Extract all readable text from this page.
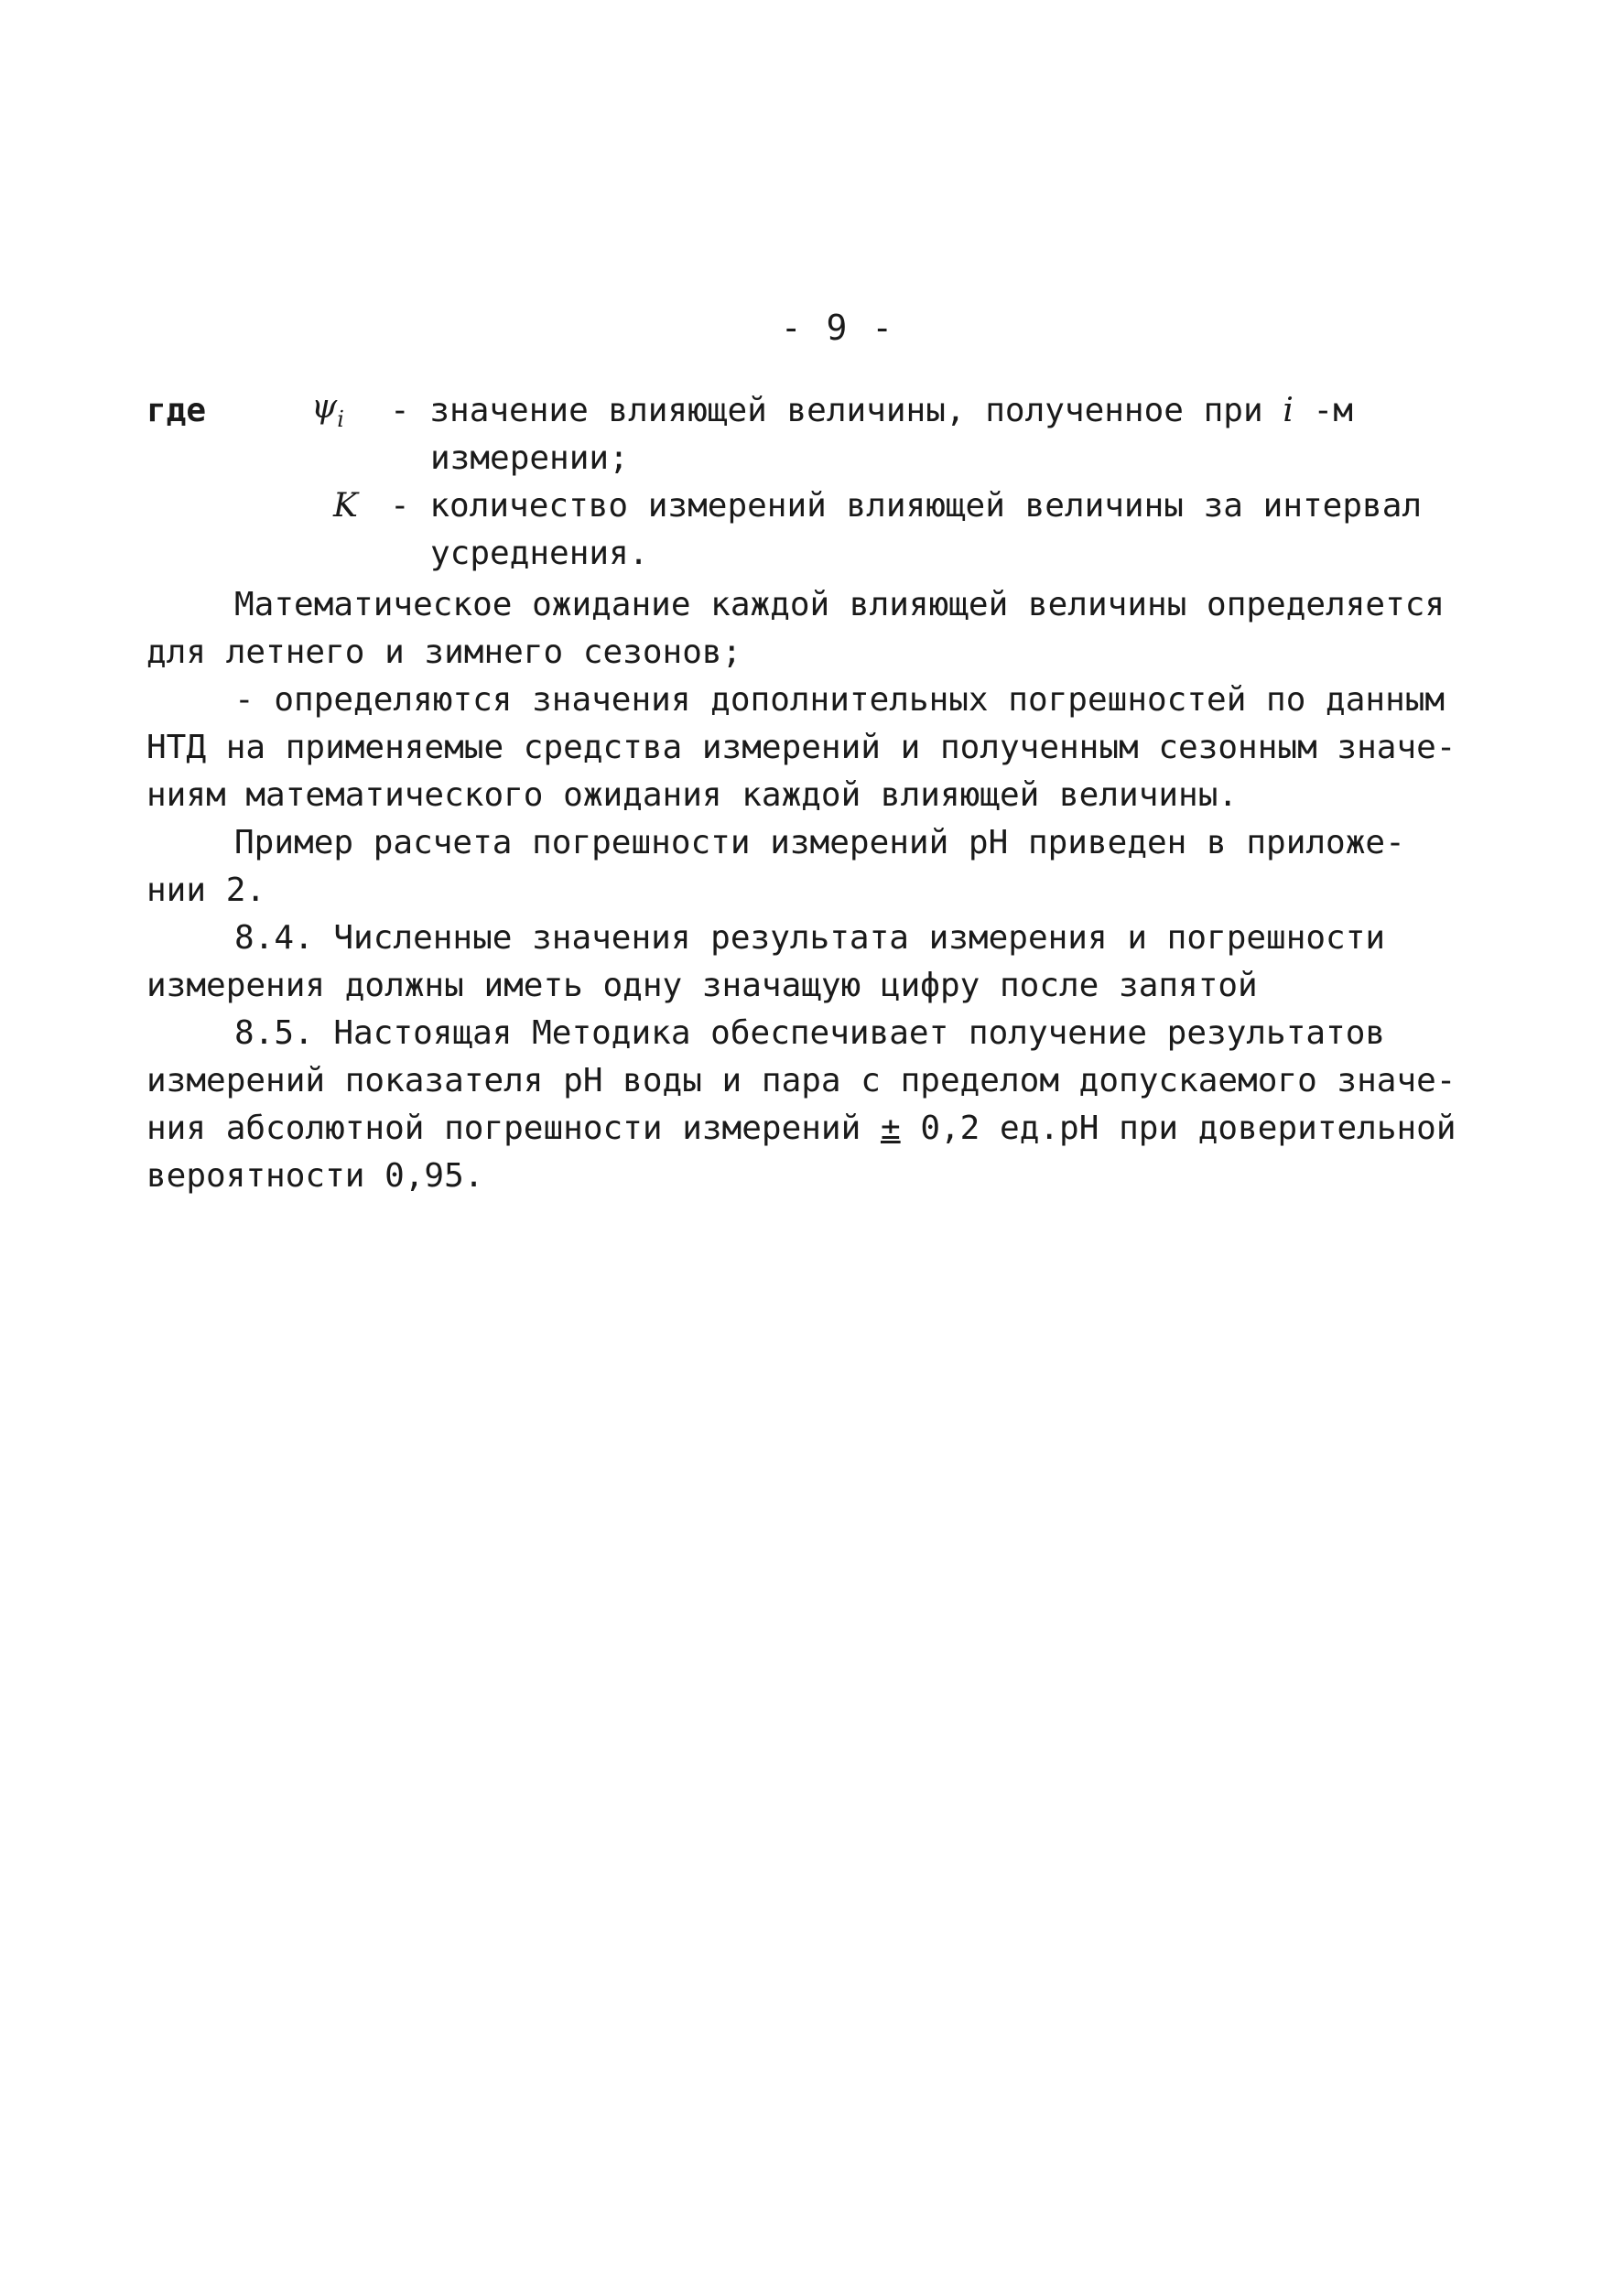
- 9 -
где	$\psi_i$ - значение влияющей величины, полученное при i -м
измерении;
K - количество измерений влияющей величины за интервал
усреднения.
Математическое ожидание каждой влияющей величины определяется
для летнего и зимнего сезонов;
- определяются значения дополнительных погрешностей по данным
НТД на применяемые средства измерений и полученным сезонным значе-
ниям математического ожидания каждой влияющей величины.
Пример расчета погрешности измерений pH приведен в приложе-
нии 2.
8.4. Численные значения результата измерения и погрешности
измерения должны иметь одну значащую цифру после запятой
8.5. Настоящая Методика обеспечивает получение результатов
измерений показателя pH воды и пара с пределом допускаемого значе-
ния абсолютной погрешности измерений ± 0,2 ед.pH при доверительной
вероятности 0,95.
